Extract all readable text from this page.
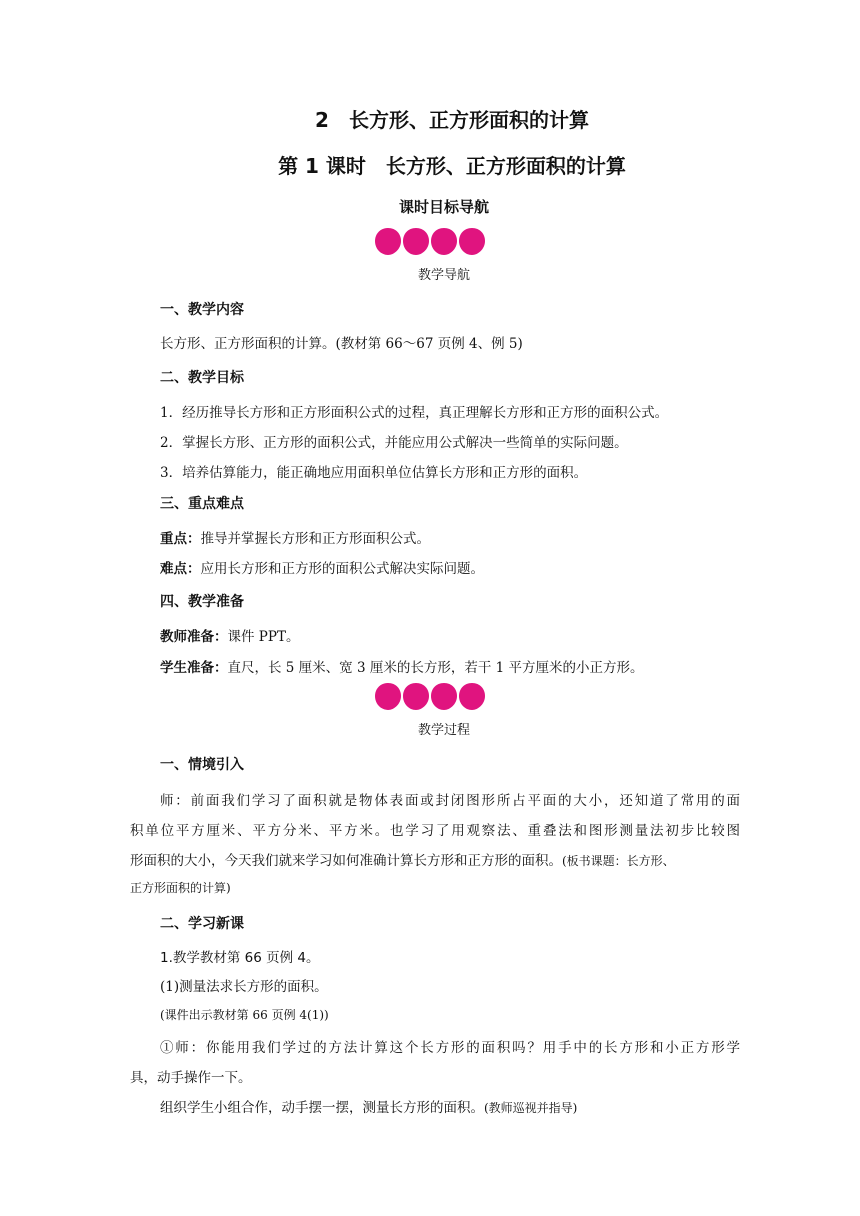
2　长方形、正方形面积的计算
第 1 课时　长方形、正方形面积的计算
课时目标导航
教学导航
一、教学内容
长方形、正方形面积的计算。(教材第 66～67 页例 4、例 5)
二、教学目标
1．经历推导长方形和正方形面积公式的过程，真正理解长方形和正方形的面积公式。
2．掌握长方形、正方形的面积公式，并能应用公式解决一些简单的实际问题。
3．培养估算能力，能正确地应用面积单位估算长方形和正方形的面积。
三、重点难点
重点：推导并掌握长方形和正方形面积公式。
难点：应用长方形和正方形的面积公式解决实际问题。
四、教学准备
教师准备：课件 PPT。
学生准备：直尺，长 5 厘米、宽 3 厘米的长方形，若干 1 平方厘米的小正方形。
教学过程
一、情境引入
师：前面我们学习了面积就是物体表面或封闭图形所占平面的大小，还知道了常用的面
积单位平方厘米、平方分米、平方米。也学习了用观察法、重叠法和图形测量法初步比较图
形面积的大小，今天我们就来学习如何准确计算长方形和正方形的面积。(板书课题：长方形、
正方形面积的计算)
二、学习新课
1.教学教材第 66 页例 4。
(1)测量法求长方形的面积。
(课件出示教材第 66 页例 4(1))
①师：你能用我们学过的方法计算这个长方形的面积吗？用手中的长方形和小正方形学
具，动手操作一下。
组织学生小组合作，动手摆一摆，测量长方形的面积。(教师巡视并指导)
